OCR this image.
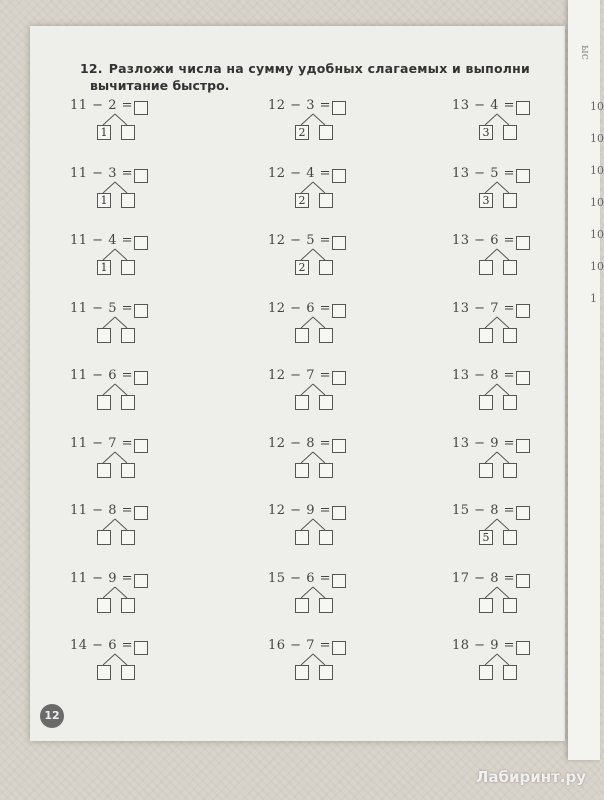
ыс
10
10
10
10
10
10
1
12. Разложи числа на сумму удобных слагаемых и выполни
вычитание быстро.
11 − 2 =
1
11 − 3 =
1
11 − 4 =
1
11 − 5 =
11 − 6 =
11 − 7 =
11 − 8 =
11 − 9 =
14 − 6 =
12 − 3 =
2
12 − 4 =
2
12 − 5 =
2
12 − 6 =
12 − 7 =
12 − 8 =
12 − 9 =
15 − 6 =
16 − 7 =
13 − 4 =
3
13 − 5 =
3
13 − 6 =
13 − 7 =
13 − 8 =
13 − 9 =
15 − 8 =
5
17 − 8 =
18 − 9 =
12
Лабиринт.ру
